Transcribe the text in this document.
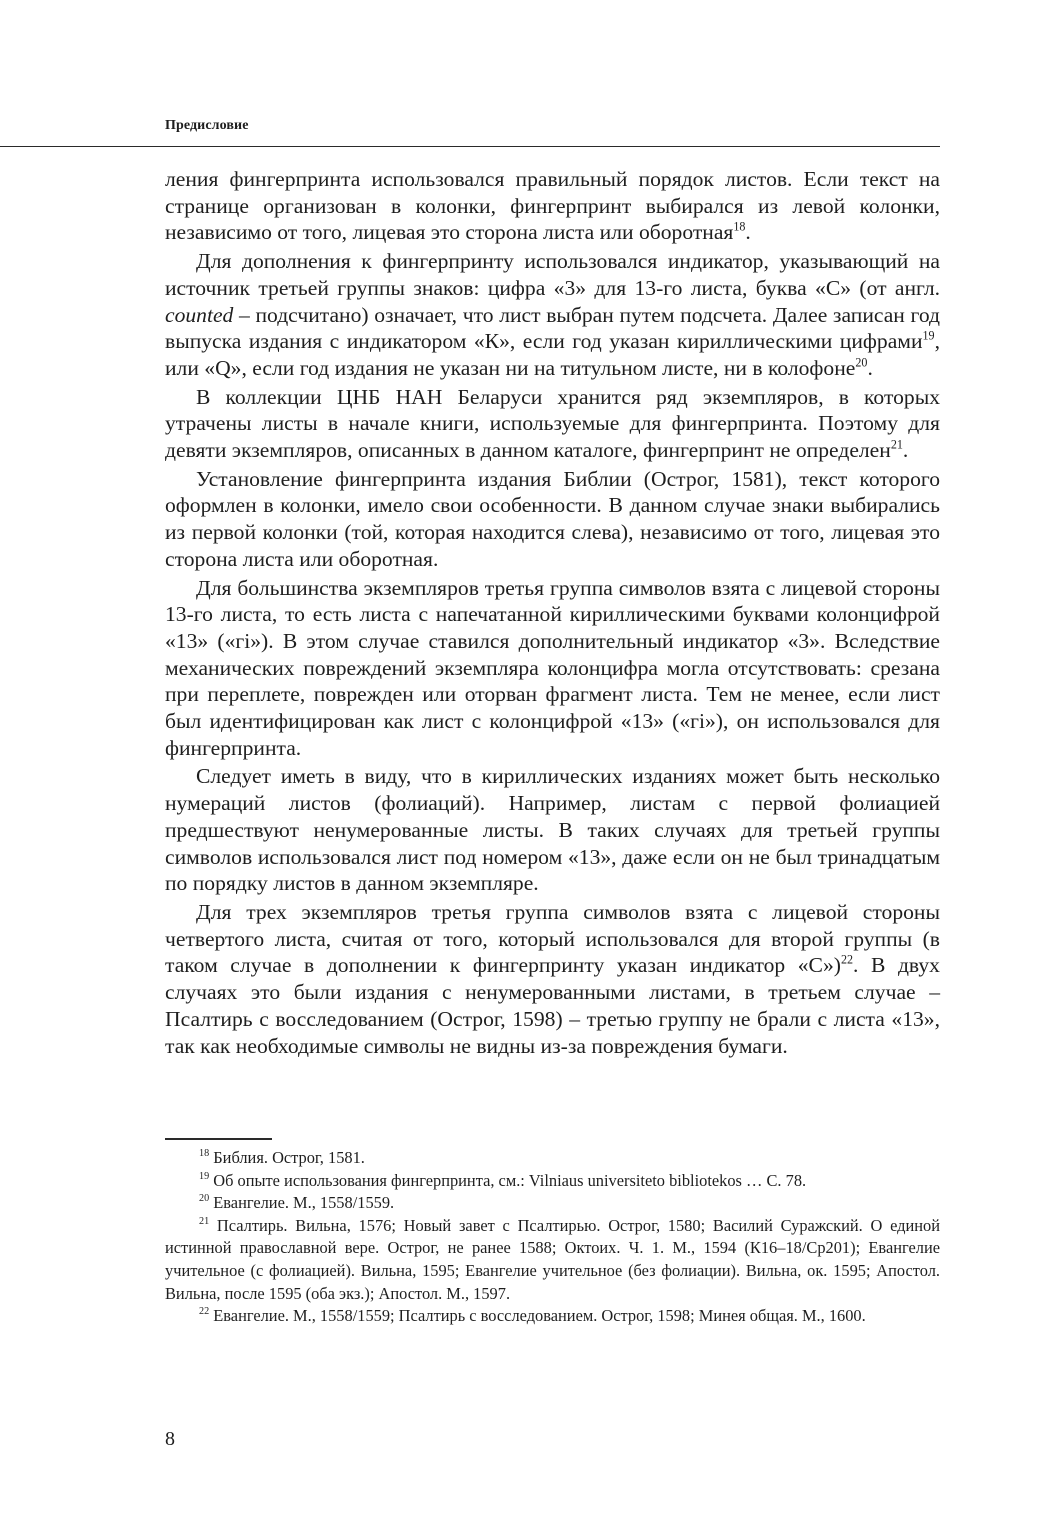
Предисловие

ления фингерпринта использовался правильный порядок листов. Если текст на странице организован в колонки, фингерпринт выбирался из левой колонки, независимо от того, лицевая это сторона листа или оборотная$^{18}$.

Для дополнения к фингерпринту использовался индикатор, указывающий на источник третьей группы знаков: цифра «3» для 13-го листа, буква «C» (от англ. counted – подсчитано) означает, что лист выбран путем подсчета. Далее записан год выпуска издания с индикатором «К», если год указан кириллическими цифрами$^{19}$, или «Q», если год издания не указан ни на титульном листе, ни в колофоне$^{20}$.

В коллекции ЦНБ НАН Беларуси хранится ряд экземпляров, в которых утрачены листы в начале книги, используемые для фингерпринта. Поэтому для девяти экземпляров, описанных в данном каталоге, фингерпринт не определен$^{21}$.

Установление фингерпринта издания Библии (Острог, 1581), текст которого оформлен в колонки, имело свои особенности. В данном случае знаки выбирались из первой колонки (той, которая находится слева), независимо от того, лицевая это сторона листа или оборотная.

Для большинства экземпляров третья группа символов взята с лицевой стороны 13-го листа, то есть листа с напечатанной кириллическими буквами колонцифрой «13» («гі»). В этом случае ставился дополнительный индикатор «3». Вследствие механических повреждений экземпляра колонцифра могла отсутствовать: срезана при переплете, поврежден или оторван фрагмент листа. Тем не менее, если лист был идентифицирован как лист с колонцифрой «13» («гі»), он использовался для фингерпринта.

Следует иметь в виду, что в кириллических изданиях может быть несколько нумераций листов (фолиаций). Например, листам с первой фолиацией предшествуют ненумерованные листы. В таких случаях для третьей группы символов использовался лист под номером «13», даже если он не был тринадцатым по порядку листов в данном экземпляре.

Для трех экземпляров третья группа символов взята с лицевой стороны четвертого листа, считая от того, который использовался для второй группы (в таком случае в дополнении к фингерпринту указан индикатор «С»)$^{22}$. В двух случаях это были издания с ненумерованными листами, в третьем случае – Псалтирь с восследованием (Острог, 1598) – третью группу не брали с листа «13», так как необходимые символы не видны из-за повреждения бумаги.

$^{18}$ Библия. Острог, 1581.

$^{19}$ Об опыте использования фингерпринта, см.: Vilniaus universiteto bibliotekos … С. 78.

$^{20}$ Евангелие. М., 1558/1559.

$^{21}$ Псалтирь. Вильна, 1576; Новый завет с Псалтирью. Острог, 1580; Василий Суражский. О единой истинной православной вере. Острог, не ранее 1588; Октоих. Ч. 1. М., 1594 (К16–18/Ср201); Евангелие учительное (с фолиацией). Вильна, 1595; Евангелие учительное (без фолиации). Вильна, ок. 1595; Апостол. Вильна, после 1595 (оба экз.); Апостол. М., 1597.

$^{22}$ Евангелие. М., 1558/1559; Псалтирь с восследованием. Острог, 1598; Минея общая. М., 1600.

8
